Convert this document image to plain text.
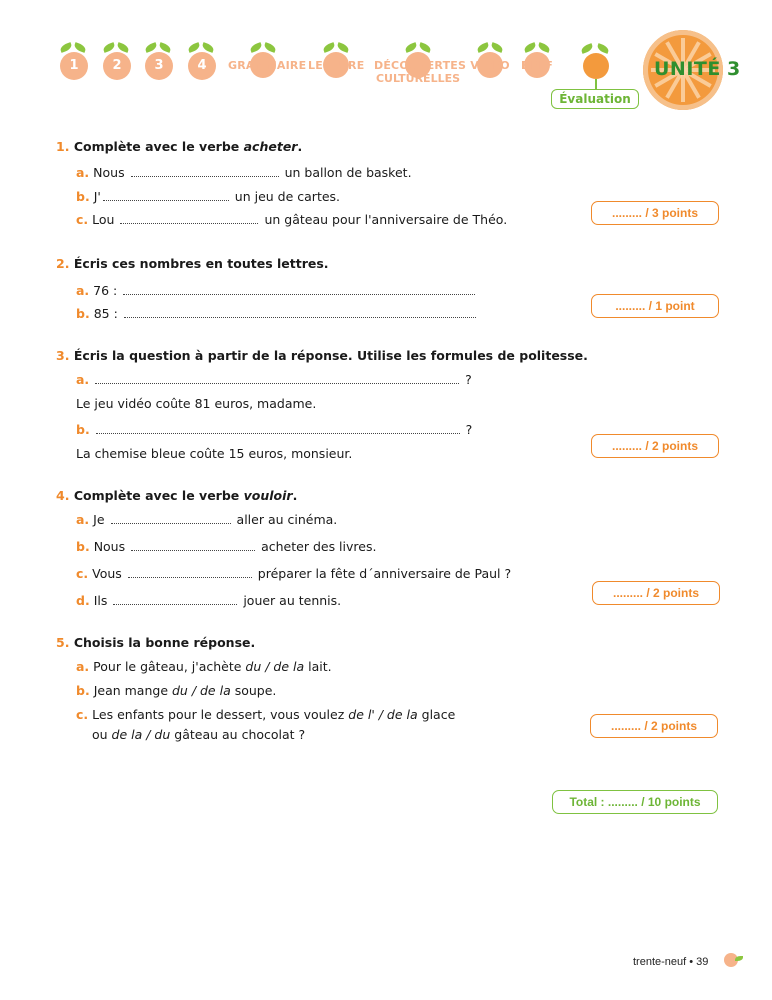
1	2	3	4	GRAMMAIRE LECTURE DÉCOUVERTES
CULTURELLES
VIDÉO DELF
Évaluation
UNITÉ 3
1. Complète avec le verbe acheter.
a. Nous	un ballon de basket.
b. J'	un jeu de cartes.
c. Lou	un gâteau pour l'anniversaire de Théo.	......... / 3 points
2. Écris ces nombres en toutes lettres.
a. 76 :
b. 85 :	......... / 1 point
3. Écris la question à partir de la réponse. Utilise les formules de politesse.
a.	?
Le jeu vidéo coûte 81 euros, madame.
b.	?
La chemise bleue coûte 15 euros, monsieur.	......... / 2 points
4. Complète avec le verbe vouloir.
a. Je	aller au cinéma.
b. Nous	acheter des livres.
c. Vous	préparer la fête d´anniversaire de Paul ?
d. Ils	jouer au tennis.	......... / 2 points
5. Choisis la bonne réponse.
a. Pour le gâteau, j'achète du / de la lait.
b. Jean mange du / de la soupe.
c. Les enfants pour le dessert, vous voulez de l' / de la glace
ou de la / du gâteau au chocolat ?
......... / 2 points
Total : ......... / 10 points
trente-neuf • 39
